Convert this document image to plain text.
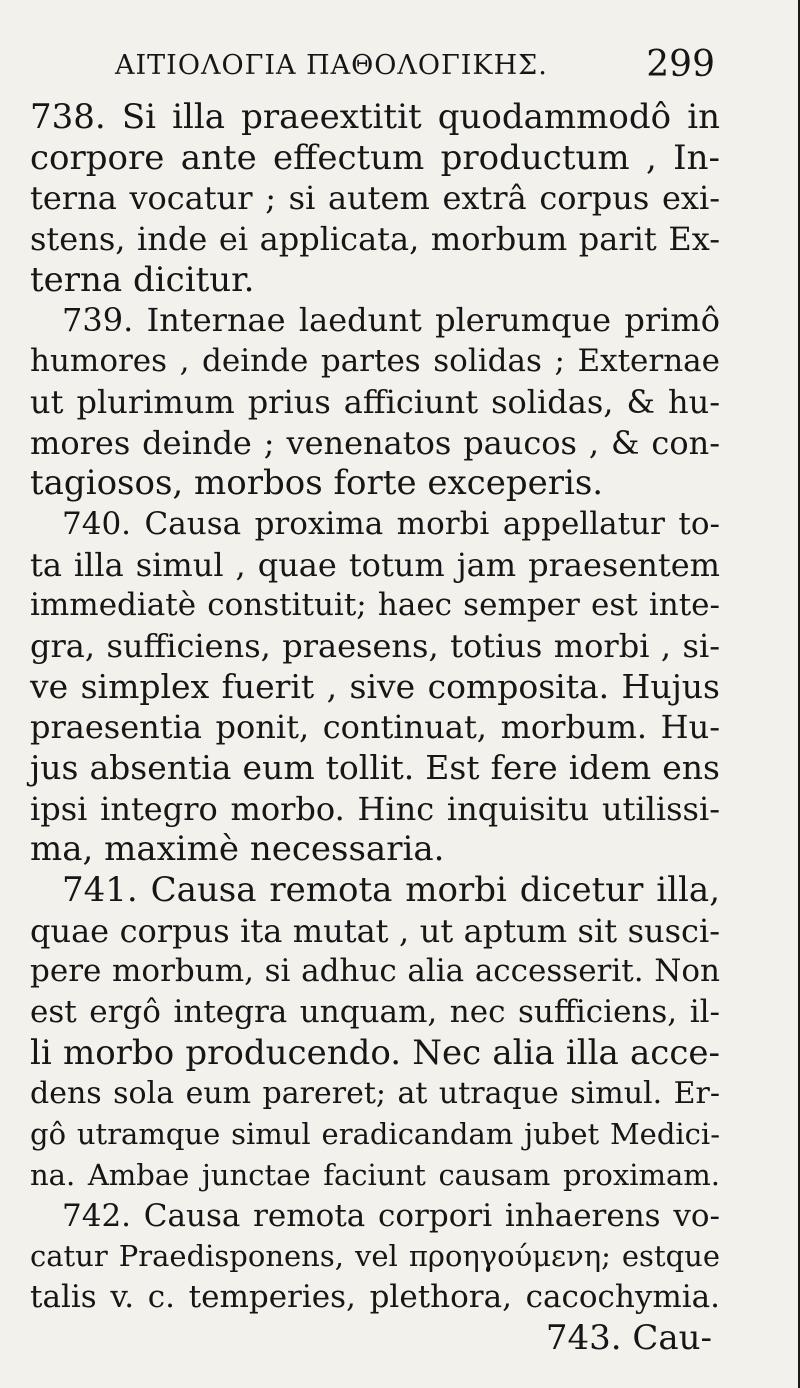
ΑΙΤΙΟΛΟΓΙΑ ΠΑΘΟΛΟΓΙΚΗΣ.	299
738. Si illa praeextitit quodammodô in
corpore ante effectum productum , In-
terna vocatur ; si autem extrâ corpus exi-
stens, inde ei applicata, morbum parit Ex-
terna dicitur.
739. Internae laedunt plerumque primô
humores , deinde partes solidas ; Externae
ut plurimum prius afficiunt solidas, & hu-
mores deinde ; venenatos paucos , & con-
tagiosos, morbos forte exceperis.
740. Causa proxima morbi appellatur to-
ta illa simul , quae totum jam praesentem
immediatè constituit; haec semper est inte-
gra, sufficiens, praesens, totius morbi , si-
ve simplex fuerit , sive composita. Hujus
praesentia ponit, continuat, morbum. Hu-
jus absentia eum tollit. Est fere idem ens
ipsi integro morbo. Hinc inquisitu utilissi-
ma, maximè necessaria.
741. Causa remota morbi dicetur illa,
quae corpus ita mutat , ut aptum sit susci-
pere morbum, si adhuc alia accesserit. Non
est ergô integra unquam, nec sufficiens, il-
li morbo producendo. Nec alia illa acce-
dens sola eum pareret; at utraque simul. Er-
gô utramque simul eradicandam jubet Medici-
na. Ambae junctae faciunt causam proximam.
742. Causa remota corpori inhaerens vo-
catur Praedisponens, vel προηγούμενη; estque
talis v. c. temperies, plethora, cacochymia.
743. Cau-
